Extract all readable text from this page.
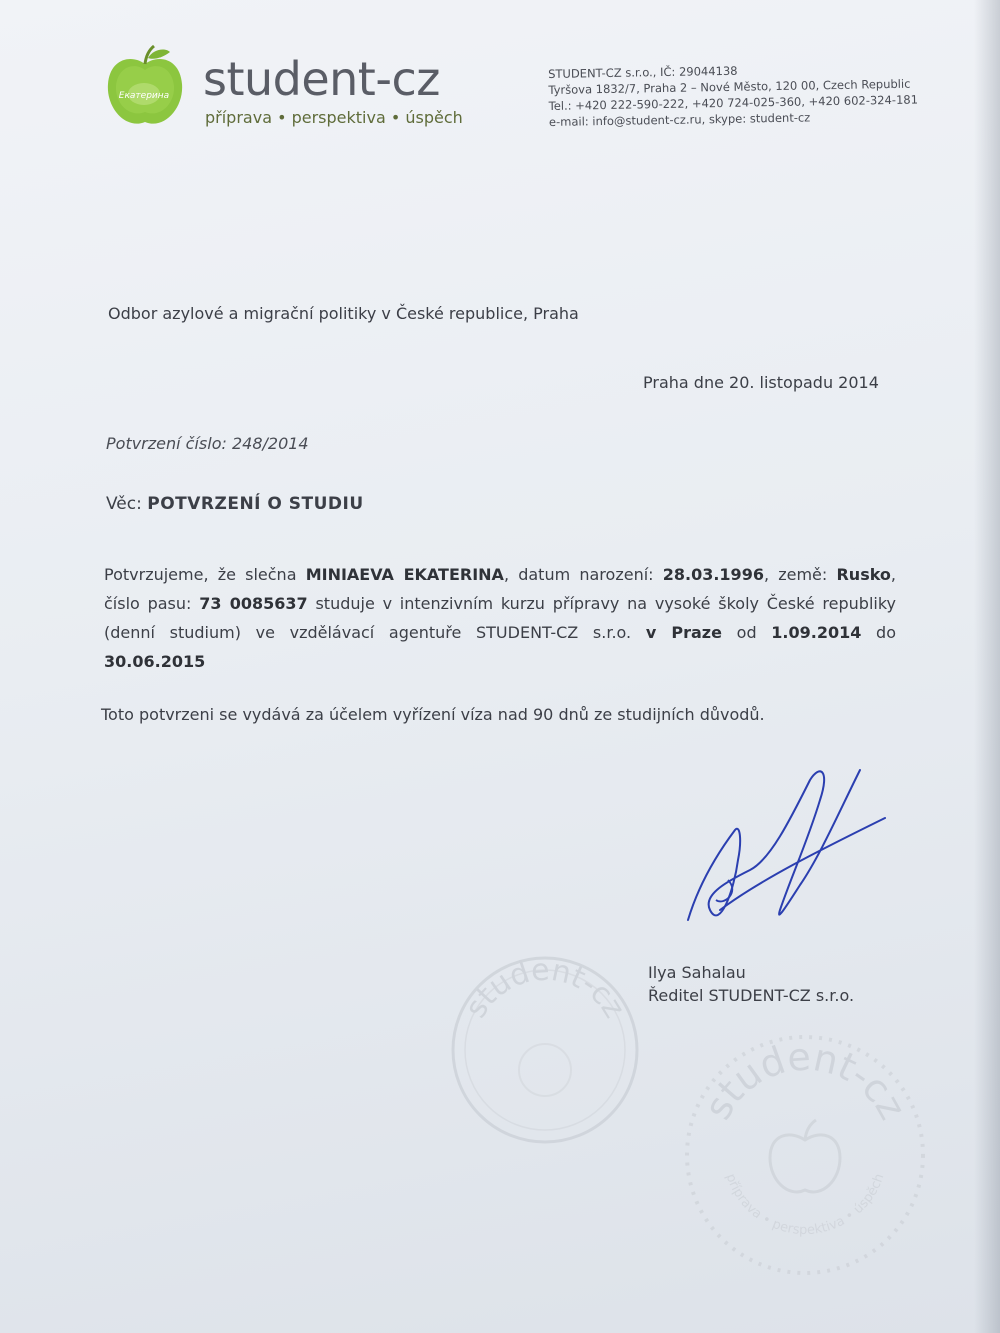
Екатерина student-cz
příprava • perspektiva • úspěch
STUDENT-CZ s.r.o., IČ: 29044138
Tyršova 1832/7, Praha 2 – Nové Město, 120 00, Czech Republic
Tel.: +420 222-590-222, +420 724-025-360, +420 602-324-181
e-mail: info@student-cz.ru, skype: student-cz
Odbor azylové a migrační politiky v České republice, Praha
Praha dne 20. listopadu 2014
Potvrzení číslo: 248/2014
Věc: POTVRZENÍ O STUDIU
Potvrzujeme, že slečna MINIAEVA EKATERINA, datum narození: 28.03.1996, země: Rusko, číslo pasu: 73 0085637 studuje v intenzivním kurzu přípravy na vysoké školy České republiky (denní studium) ve vzdělávací agentuře STUDENT-CZ s.r.o. v Praze od 1.09.2014 do 30.06.2015
Toto potvrzeni se vydává za účelem vyřízení víza nad 90 dnů ze studijních důvodů.
Ilya Sahalau
Ředitel STUDENT-CZ s.r.o.
student-cz
student-cz
příprava • perspektiva • úspěch
